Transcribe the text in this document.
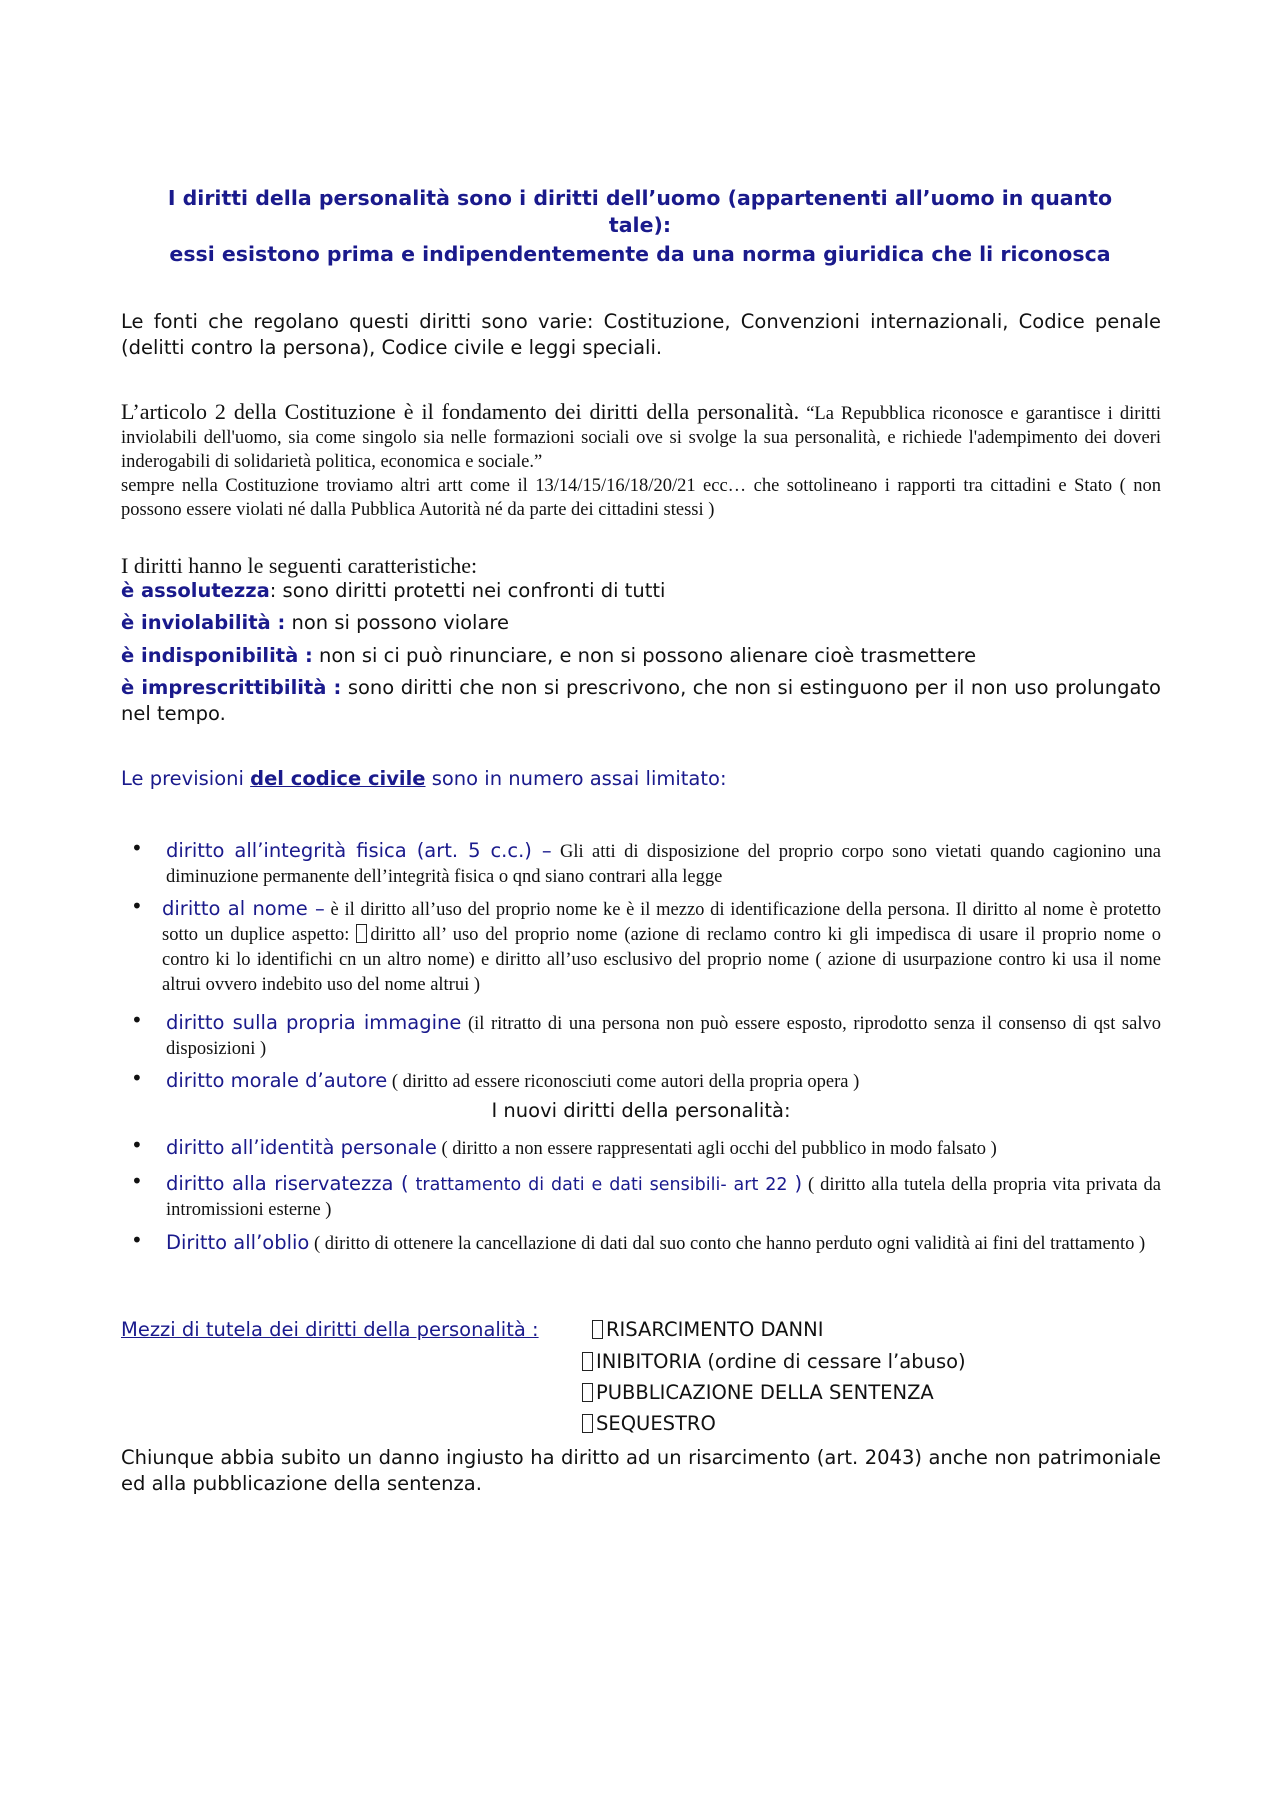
I diritti della personalità sono i diritti dell’uomo (appartenenti all’uomo in quanto
tale):
essi esistono prima e indipendentemente da una norma giuridica che li riconosca
Le fonti che regolano questi diritti sono varie: Costituzione, Convenzioni internazionali, Codice penale (delitti contro la persona), Codice civile e leggi speciali.
L’articolo 2 della Costituzione è il fondamento dei diritti della personalità. “La Repubblica riconosce e garantisce i diritti inviolabili dell'uomo, sia come singolo sia nelle formazioni sociali ove si svolge la sua personalità, e richiede l'adempimento dei doveri inderogabili di solidarietà politica, economica e sociale.”
sempre nella Costituzione troviamo altri artt come il 13/14/15/16/18/20/21 ecc… che sottolineano i rapporti tra cittadini e Stato ( non possono essere violati né dalla Pubblica Autorità né da parte dei cittadini stessi )
I diritti hanno le seguenti caratteristiche:
è assolutezza: sono diritti protetti nei confronti di tutti
è inviolabilità : non si possono violare
è indisponibilità : non si ci può rinunciare, e non si possono alienare cioè trasmettere
è imprescrittibilità : sono diritti che non si prescrivono, che non si estinguono per il non uso prolungato nel tempo.
Le previsioni del codice civile sono in numero assai limitato:
•	diritto all’integrità fisica (art. 5 c.c.) – Gli atti di disposizione del proprio corpo sono vietati quando cagionino una diminuzione permanente dell’integrità fisica o qnd siano contrari alla legge
• diritto al nome – è il diritto all’uso del proprio nome ke è il mezzo di identificazione della persona. Il diritto al nome è protetto sotto un duplice aspetto: diritto all’ uso del proprio nome (azione di reclamo contro ki gli impedisca di usare il proprio nome o contro ki lo identifichi cn un altro nome) e diritto all’uso esclusivo del proprio nome ( azione di usurpazione contro ki usa il nome altrui ovvero indebito uso del nome altrui )
•	diritto sulla propria immagine (il ritratto di una persona non può essere esposto, riprodotto senza il consenso di qst salvo disposizioni )
•	diritto morale d’autore ( diritto ad essere riconosciuti come autori della propria opera )
I nuovi diritti della personalità:
•	diritto all’identità personale ( diritto a non essere rappresentati agli occhi del pubblico in modo falsato )
•	diritto alla riservatezza ( trattamento di dati e dati sensibili- art 22 ) ( diritto alla tutela della propria vita privata da intromissioni esterne )
•	Diritto all’oblio ( diritto di ottenere la cancellazione di dati dal suo conto che hanno perduto ogni validità ai fini del trattamento )
Mezzi di tutela dei diritti della personalità :	RISARCIMENTO DANNI
INIBITORIA (ordine di cessare l’abuso)
PUBBLICAZIONE DELLA SENTENZA
SEQUESTRO
Chiunque abbia subito un danno ingiusto ha diritto ad un risarcimento (art. 2043) anche non patrimoniale ed alla pubblicazione della sentenza.
